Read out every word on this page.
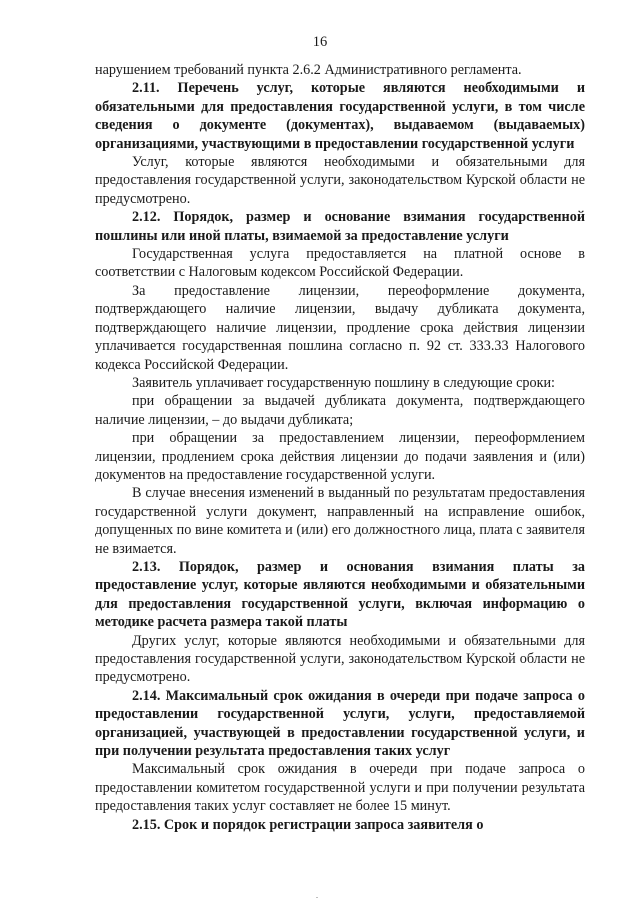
16

нарушением требований пункта 2.6.2 Административного регламента.

2.11. Перечень услуг, которые являются необходимыми и обязательными для предоставления государственной услуги, в том числе сведения о документе (документах), выдаваемом (выдаваемых) организациями, участвующими в предоставлении государственной услуги

Услуг, которые являются необходимыми и обязательными для предоставления государственной услуги, законодательством Курской области не предусмотрено.

2.12. Порядок, размер и основание взимания государственной пошлины или иной платы, взимаемой за предоставление услуги

Государственная услуга предоставляется на платной основе в соответствии с Налоговым кодексом Российской Федерации.

За предоставление лицензии, переоформление документа, подтверждающего наличие лицензии, выдачу дубликата документа, подтверждающего наличие лицензии, продление срока действия лицензии уплачивается государственная пошлина согласно п. 92 ст. 333.33 Налогового кодекса Российской Федерации.

Заявитель уплачивает государственную пошлину в следующие сроки:

при обращении за выдачей дубликата документа, подтверждающего наличие лицензии, – до выдачи дубликата;

при обращении за предоставлением лицензии, переоформлением лицензии, продлением срока действия лицензии до подачи заявления и (или) документов на предоставление государственной услуги.

В случае внесения изменений в выданный по результатам предоставления государственной услуги документ, направленный на исправление ошибок, допущенных по вине комитета и (или) его должностного лица, плата с заявителя не взимается.

2.13. Порядок, размер и основания взимания платы за предоставление услуг, которые являются необходимыми и обязательными для предоставления государственной услуги, включая информацию о методике расчета размера такой платы

Других услуг, которые являются необходимыми и обязательными для предоставления государственной услуги, законодательством Курской области не предусмотрено.

2.14. Максимальный срок ожидания в очереди при подаче запроса о предоставлении государственной услуги, услуги, предоставляемой организацией, участвующей в предоставлении государственной услуги, и при получении результата предоставления таких услуг

Максимальный срок ожидания в очереди при подаче запроса о предоставлении комитетом государственной услуги и при получении результата предоставления таких услуг составляет не более 15 минут.

2.15. Срок и порядок регистрации запроса заявителя о

.
